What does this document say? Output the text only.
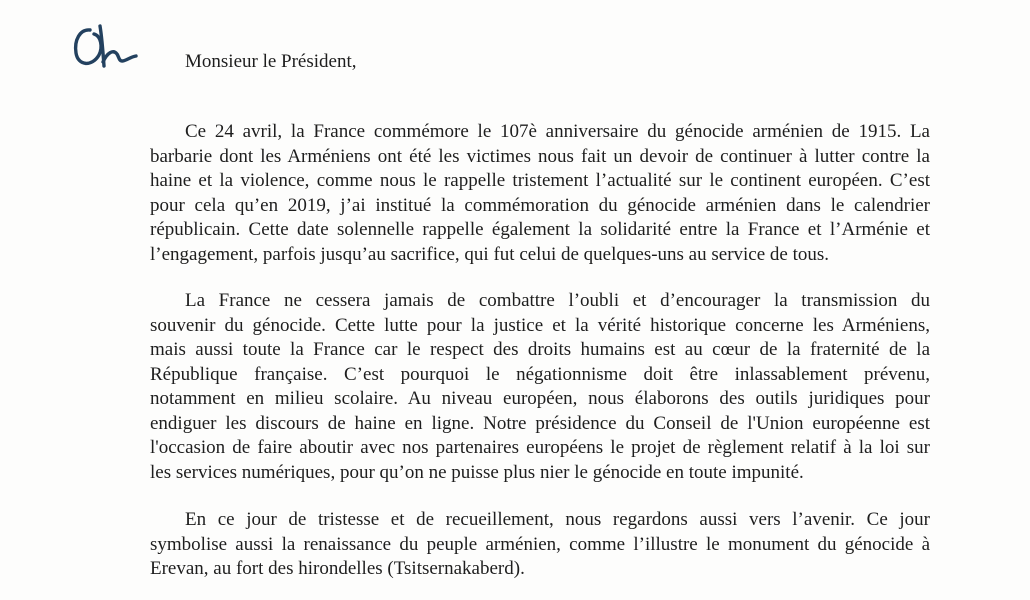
Monsieur le Président,
Ce 24 avril, la France commémore le 107è anniversaire du génocide arménien de 1915. La
barbarie dont les Arméniens ont été les victimes nous fait un devoir de continuer à lutter contre la
haine et la violence, comme nous le rappelle tristement l’actualité sur le continent européen. C’est
pour cela qu’en 2019, j’ai institué la commémoration du génocide arménien dans le calendrier
républicain. Cette date solennelle rappelle également la solidarité entre la France et l’Arménie et
l’engagement, parfois jusqu’au sacrifice, qui fut celui de quelques-uns au service de tous.
La France ne cessera jamais de combattre l’oubli et d’encourager la transmission du
souvenir du génocide. Cette lutte pour la justice et la vérité historique concerne les Arméniens,
mais aussi toute la France car le respect des droits humains est au cœur de la fraternité de la
République française. C’est pourquoi le négationnisme doit être inlassablement prévenu,
notamment en milieu scolaire. Au niveau européen, nous élaborons des outils juridiques pour
endiguer les discours de haine en ligne. Notre présidence du Conseil de l'Union européenne est
l'occasion de faire aboutir avec nos partenaires européens le projet de règlement relatif à la loi sur
les services numériques, pour qu’on ne puisse plus nier le génocide en toute impunité.
En ce jour de tristesse et de recueillement, nous regardons aussi vers l’avenir. Ce jour
symbolise aussi la renaissance du peuple arménien, comme l’illustre le monument du génocide à
Erevan, au fort des hirondelles (Tsitsernakaberd).
